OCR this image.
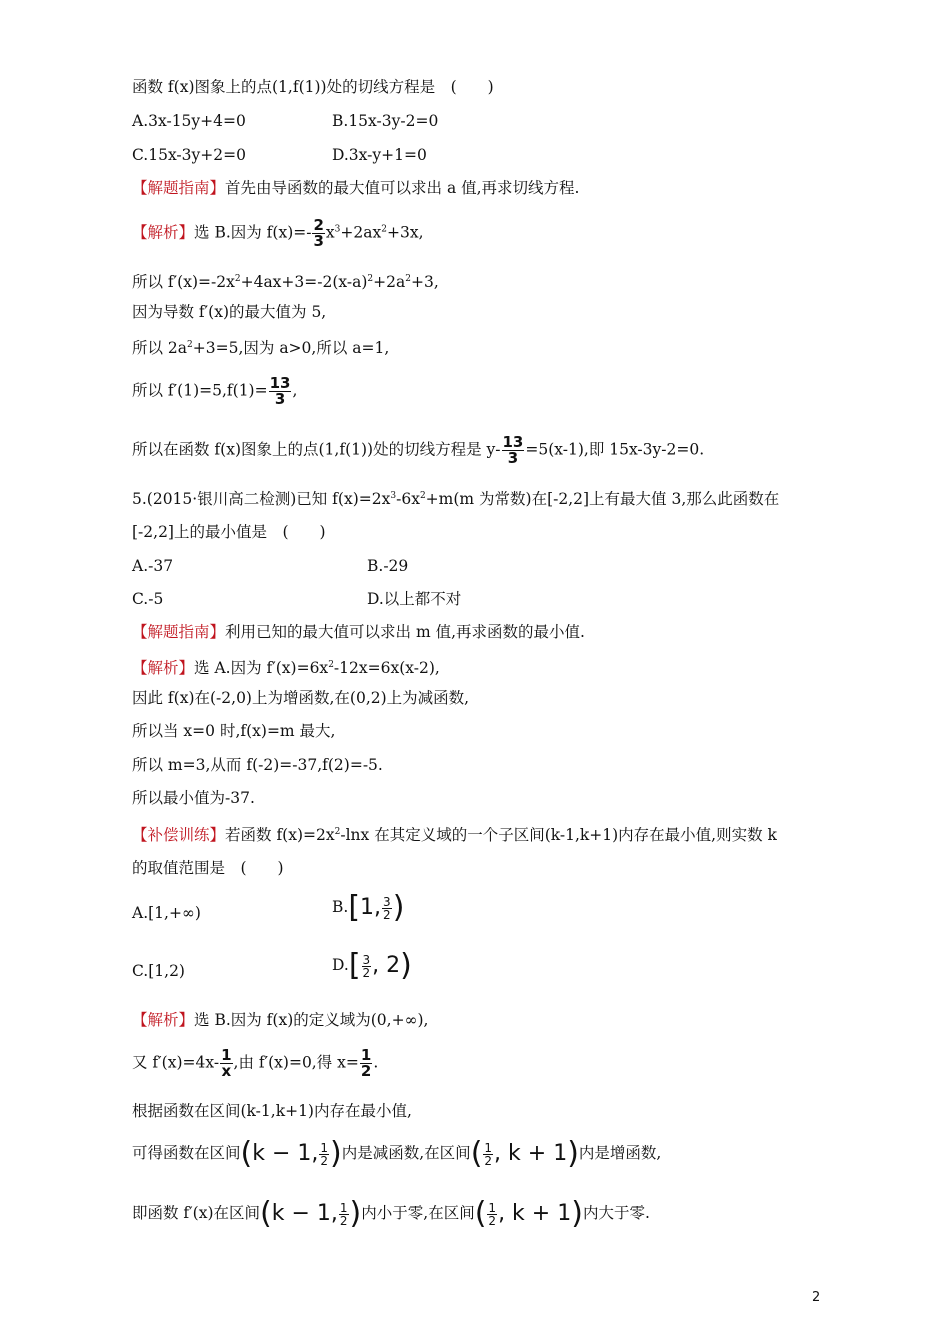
函数 f(x)图象上的点(1,f(1))处的切线方程是　(　　)
A.3x-15y+4=0	B.15x-3y-2=0
C.15x-3y+2=0	D.3x-y+1=0
【解题指南】首先由导函数的最大值可以求出 a 值,再求切线方程.
【解析】选 B.因为 $f(x)=- \frac{2}{3} x^3+2ax^2+3x$,
所以 $f'(x)=-2x^2+4ax+3=-2(x-a)^2+2a^2+3$,
因为导数 f′(x)的最大值为 5,
所以 $2a^2+3=5$,因为 a>0,所以 a=1,
所以 $f'(1)=5,f(1)= \frac{13}{3}$ ,
所以在函数 f(x)图象上的点(1,f(1))处的切线方程是 $y- \frac{13}{3} =5(x-1)$,即 15x-3y-2=0.
5.(2015·银川高二检测)已知 $f(x)=2x^3-6x^2+m(m$ 为常数)在[-2,2]上有最大值 3,那么此函数在
[-2,2]上的最小值是　(　　)
A.-37	B.-29
C.-5	D.以上都不对
【解题指南】利用已知的最大值可以求出 m 值,再求函数的最小值.
【解析】选 A.因为 $f'(x)=6x^2-12x=6x(x-2)$,
因此 f(x)在(-2,0)上为增函数,在(0,2)上为减函数,
所以当 x=0 时,f(x)=m 最大,
所以 m=3,从而 f(-2)=-37,f(2)=-5.
所以最小值为-37.
【补偿训练】若函数 $f(x)=2x^2$-lnx 在其定义域的一个子区间(k-1,k+1)内存在最小值,则实数 k
的取值范围是　(　　)
A.[1,+∞)	B.[1, $\frac{3}{2}$ )
C.[1,2)	$D.[ \frac{3}{2}$ , 2)
【解析】选 B.因为 f(x)的定义域为(0,+∞),
又 $f'(x)=4x- \frac{1}{x}$ ,由 f′(x)=0,得 $x= \frac{1}{2}$ .
根据函数在区间(k-1,k+1)内存在最小值,
可得函数在区间(k − 1, $\frac{1}{2}$ )内是减函数,在区间( $\frac{1}{2}$ , k + 1)内是增函数,
即函数 f′(x)在区间(k − 1, $\frac{1}{2}$ )内小于零,在区间( $\frac{1}{2}$ , k + 1)内大于零.
2
